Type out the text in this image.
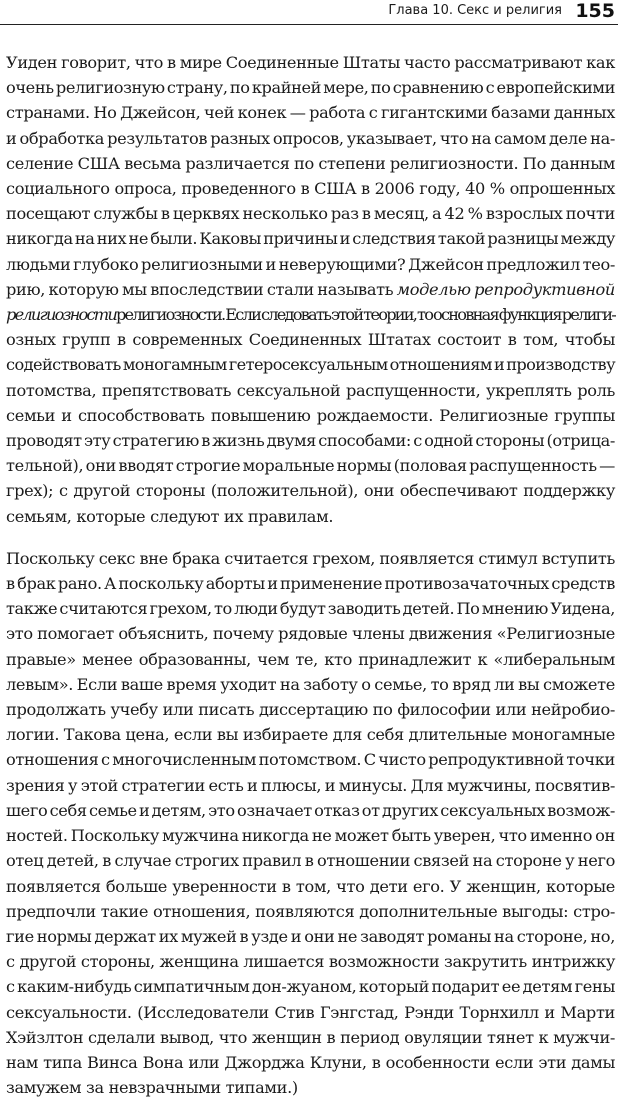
Глава 10. Секс и религия 155

Уиден говорит, что в мире Соединенные Штаты часто рассматривают как
очень религиозную страну, по крайней мере, по сравнению с европейскими
странами. Но Джейсон, чей конек — работа с гигантскими базами данных
и обработка результатов разных опросов, указывает, что на самом деле на-
селение США весьма различается по степени религиозности. По данным
социального опроса, проведенного в США в 2006 году, 40 % опрошенных
посещают службы в церквях несколько раз в месяц, а 42 % взрослых почти
никогда на них не были. Каковы причины и следствия такой разницы между
людьми глубоко религиозными и неверующими? Джейсон предложил тео-
рию, которую мы впоследствии стали называть моделью репродуктивной
религиозностирелигиозности. Если следовать этой теории, то основная функция религи-
озных групп в современных Соединенных Штатах состоит в том, чтобы
содействовать моногамным гетеросексуальным отношениям и производству
потомства, препятствовать сексуальной распущенности, укреплять роль
семьи и способствовать повышению рождаемости. Религиозные группы
проводят эту стратегию в жизнь двумя способами: с одной стороны (отрица-
тельной), они вводят строгие моральные нормы (половая распущенность —
грех); с другой стороны (положительной), они обеспечивают поддержку
семьям, которые следуют их правилам.

Поскольку секс вне брака считается грехом, появляется стимул вступить
в брак рано. А поскольку аборты и применение противозачаточных средств
также считаются грехом, то люди будут заводить детей. По мнению Уидена,
это помогает объяснить, почему рядовые члены движения «Религиозные
правые» менее образованны, чем те, кто принадлежит к «либеральным
левым». Если ваше время уходит на заботу о семье, то вряд ли вы сможете
продолжать учебу или писать диссертацию по философии или нейробио-
логии. Такова цена, если вы избираете для себя длительные моногамные
отношения с многочисленным потомством. С чисто репродуктивной точки
зрения у этой стратегии есть и плюсы, и минусы. Для мужчины, посвятив-
шего себя семье и детям, это означает отказ от других сексуальных возмож-
ностей. Поскольку мужчина никогда не может быть уверен, что именно он
отец детей, в случае строгих правил в отношении связей на стороне у него
появляется больше уверенности в том, что дети его. У женщин, которые
предпочли такие отношения, появляются дополнительные выгоды: стро-
гие нормы держат их мужей в узде и они не заводят романы на стороне, но,
с другой стороны, женщина лишается возможности закрутить интрижку
с каким-нибудь симпатичным дон-жуаном, который подарит ее детям гены
сексуальности. (Исследователи Стив Гэнгстад, Рэнди Торнхилл и Марти
Хэйзлтон сделали вывод, что женщин в период овуляции тянет к мужчи-
нам типа Винса Вона или Джорджа Клуни, в особенности если эти дамы
замужем за невзрачными типами.)
